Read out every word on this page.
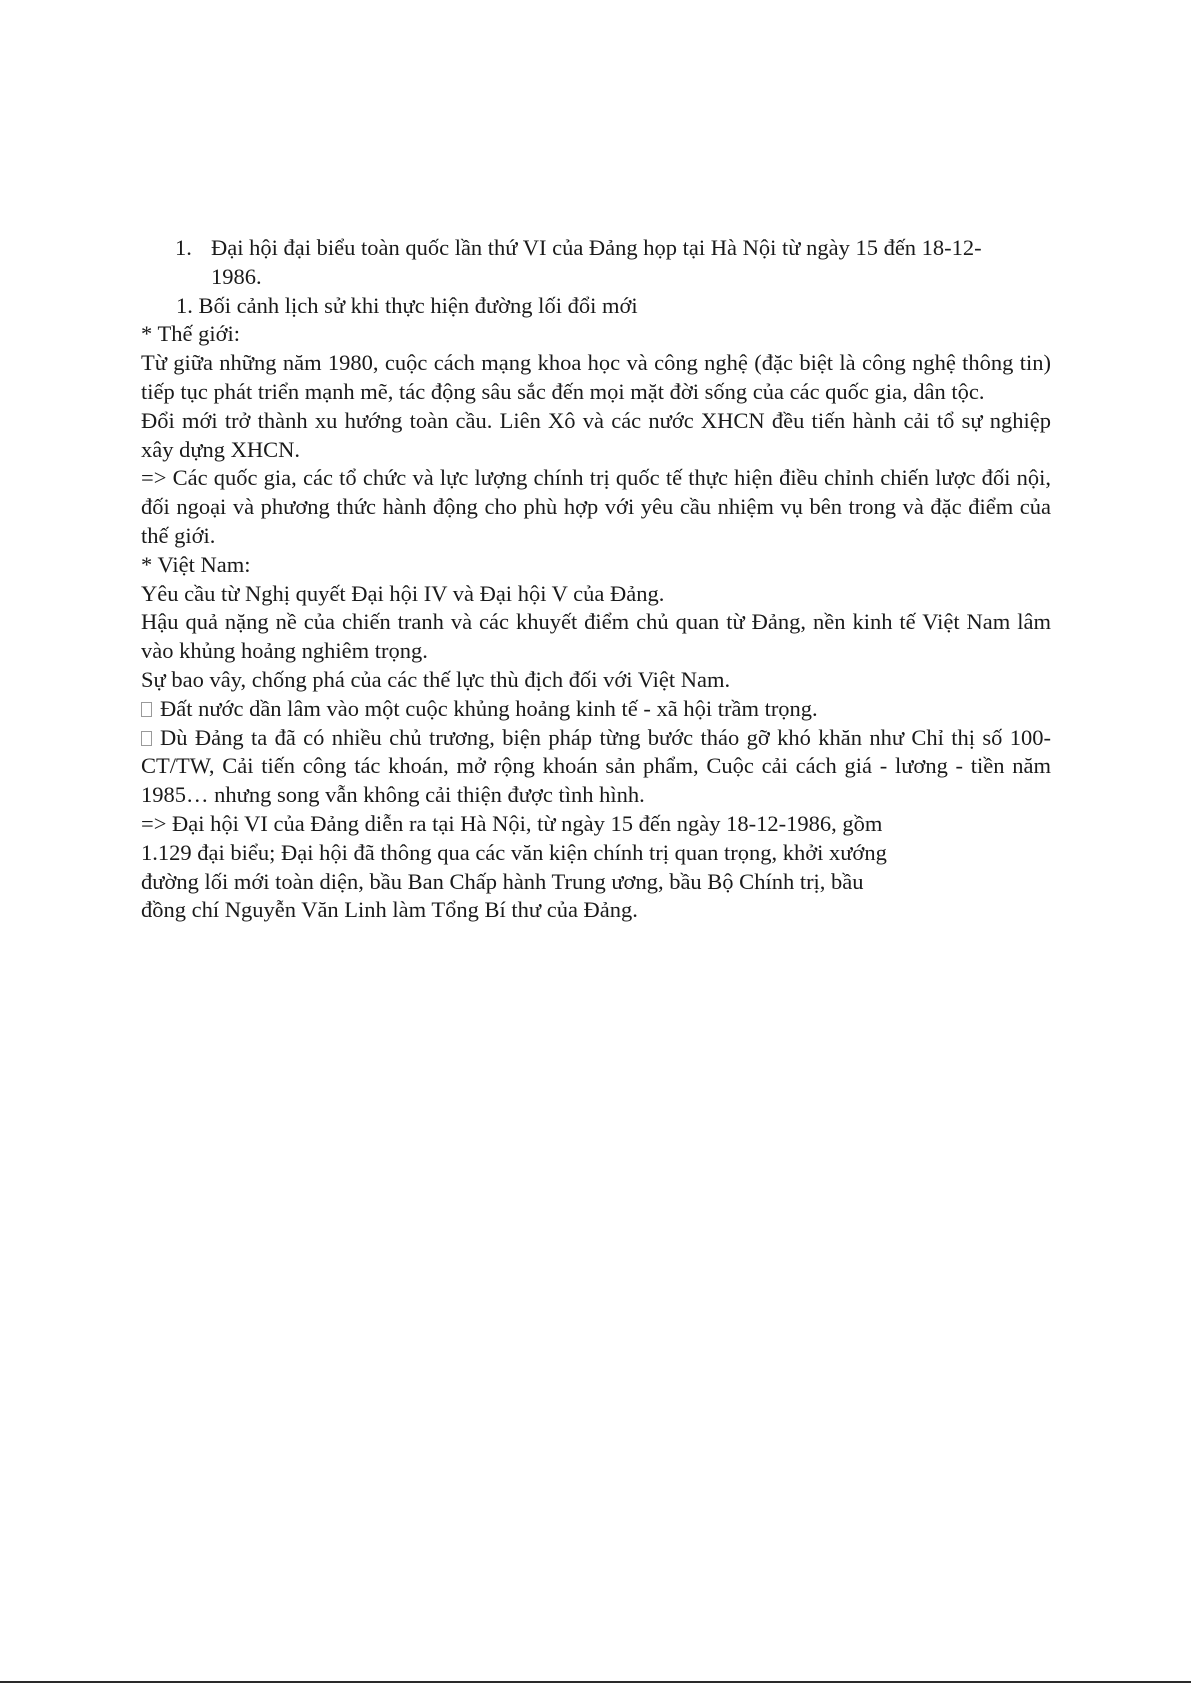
1. Đại hội đại biểu toàn quốc lần thứ VI của Đảng họp tại Hà Nội từ ngày 15 đến 18-12-1986.

1. Bối cảnh lịch sử khi thực hiện đường lối đổi mới

* Thế giới:

Từ giữa những năm 1980, cuộc cách mạng khoa học và công nghệ (đặc biệt là công nghệ thông tin) tiếp tục phát triển mạnh mẽ, tác động sâu sắc đến mọi mặt đời sống của các quốc gia, dân tộc.

Đổi mới trở thành xu hướng toàn cầu. Liên Xô và các nước XHCN đều tiến hành cải tổ sự nghiệp xây dựng XHCN.

=> Các quốc gia, các tổ chức và lực lượng chính trị quốc tế thực hiện điều chỉnh chiến lược đối nội, đối ngoại và phương thức hành động cho phù hợp với yêu cầu nhiệm vụ bên trong và đặc điểm của thế giới.

* Việt Nam:

Yêu cầu từ Nghị quyết Đại hội IV và Đại hội V của Đảng.

Hậu quả nặng nề của chiến tranh và các khuyết điểm chủ quan từ Đảng, nền kinh tế Việt Nam lâm vào khủng hoảng nghiêm trọng.

Sự bao vây, chống phá của các thế lực thù địch đối với Việt Nam.

Đất nước dần lâm vào một cuộc khủng hoảng kinh tế - xã hội trầm trọng.

Dù Đảng ta đã có nhiều chủ trương, biện pháp từng bước tháo gỡ khó khăn như Chỉ thị số 100-CT/TW, Cải tiến công tác khoán, mở rộng khoán sản phẩm, Cuộc cải cách giá - lương - tiền năm 1985… nhưng song vẫn không cải thiện được tình hình.

=> Đại hội VI của Đảng diễn ra tại Hà Nội, từ ngày 15 đến ngày 18-12-1986, gồm

1.129 đại biểu; Đại hội đã thông qua các văn kiện chính trị quan trọng, khởi xướng

đường lối mới toàn diện, bầu Ban Chấp hành Trung ương, bầu Bộ Chính trị, bầu

đồng chí Nguyễn Văn Linh làm Tổng Bí thư của Đảng.
